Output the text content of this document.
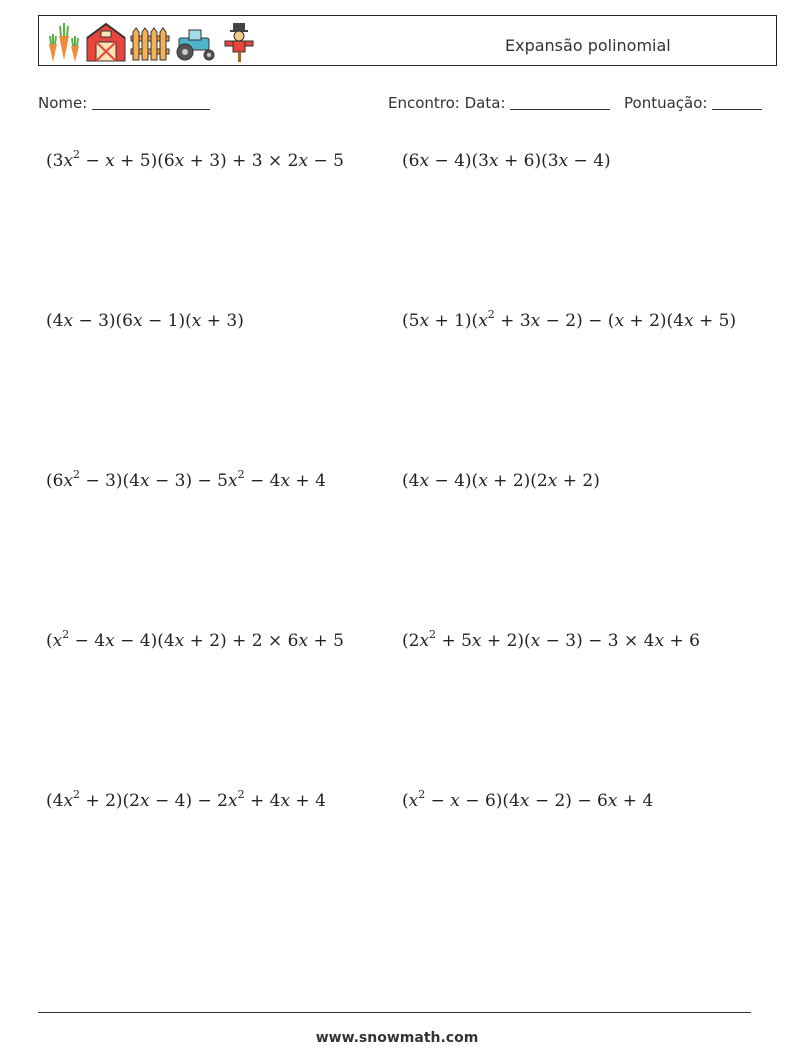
Expansão polinomial
Nome:	Encontro: Data:	Pontuação:
$(3x^2 - x + 5)(6x + 3) + 3 \times 2x - 5$	(6x − 4)(3x + 6)(3x − 4)
(4x − 3)(6x − 1)(x + 3)	$(5x + 1)(x^2 + 3x - 2) - (x + 2)(4x + 5)$
$(6x^2 - 3)(4x - 3) - 5x^2 - 4x + 4$	(4x − 4)(x + 2)(2x + 2)
$(x^2 - 4x - 4)(4x + 2) + 2 \times 6x + 5$	$(2x^2 + 5x + 2)(x - 3) - 3 \times 4x + 6$
$(4x^2 + 2)(2x - 4) - 2x^2 + 4x + 4$	$(x^2 - x - 6)(4x - 2) - 6x + 4$
www.snowmath.com
